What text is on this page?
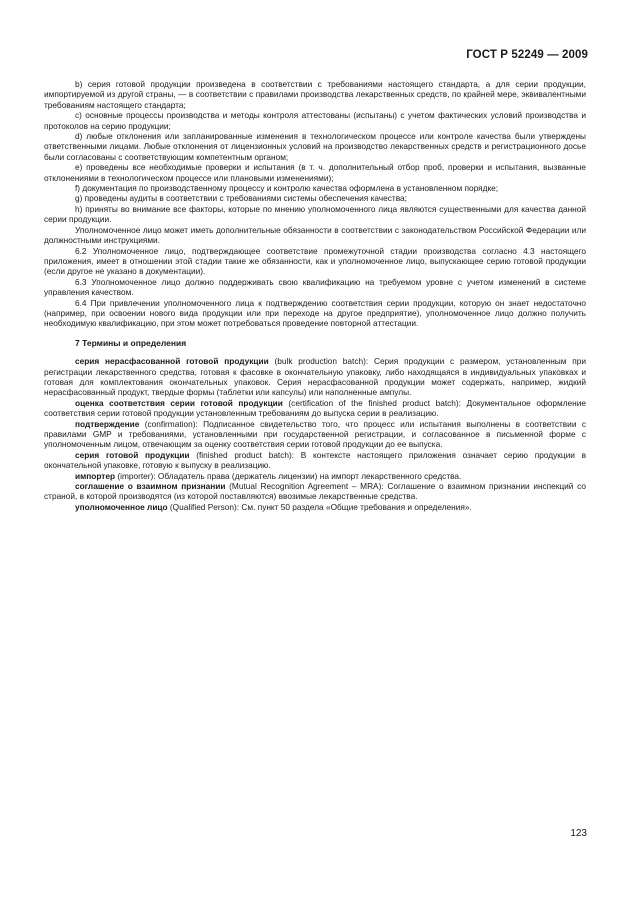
ГОСТ Р 52249 — 2009

b) серия готовой продукции произведена в соответствии с требованиями настоящего стандарта, а для серии продукции, импортируемой из другой страны, — в соответствии с правилами производства лекарственных средств, по крайней мере, эквивалентными требованиям настоящего стандарта;

c) основные процессы производства и методы контроля аттестованы (испытаны) с учетом фактических условий производства и протоколов на серию продукции;

d) любые отклонения или запланированные изменения в технологическом процессе или контроле качества были утверждены ответственными лицами. Любые отклонения от лицензионных условий на производство лекарственных средств и регистрационного досье были согласованы с соответствующим компетентным органом;

e) проведены все необходимые проверки и испытания (в т. ч. дополнительный отбор проб, проверки и испытания, вызванные отклонениями в технологическом процессе или плановыми изменениями);

f) документация по производственному процессу и контролю качества оформлена в установленном порядке;

g) проведены аудиты в соответствии с требованиями системы обеспечения качества;

h) приняты во внимание все факторы, которые по мнению уполномоченного лица являются существенными для качества данной серии продукции.

Уполномоченное лицо может иметь дополнительные обязанности в соответствии с законодательством Российской Федерации или должностными инструкциями.

6.2 Уполномоченное лицо, подтверждающее соответствие промежуточной стадии производства согласно 4.3 настоящего приложения, имеет в отношении этой стадии такие же обязанности, как и уполномоченное лицо, выпускающее серию готовой продукции (если другое не указано в документации).

6.3 Уполномоченное лицо должно поддерживать свою квалификацию на требуемом уровне с учетом изменений в системе управления качеством.

6.4 При привлечении уполномоченного лица к подтверждению соответствия серии продукции, которую он знает недостаточно (например, при освоении нового вида продукции или при переходе на другое предприятие), уполномоченное лицо должно получить необходимую квалификацию, при этом может потребоваться проведение повторной аттестации.

7 Термины и определения

серия нерасфасованной готовой продукции (bulk production batch): Серия продукции с размером, установленным при регистрации лекарственного средства, готовая к фасовке в окончательную упаковку, либо находящаяся в индивидуальных упаковках и готовая для комплектования окончательных упаковок. Серия нерасфасованной продукции может содержать, например, жидкий нерасфасованный продукт, твердые формы (таблетки или капсулы) или наполненные ампулы.

оценка соответствия серии готовой продукции (certification of the finished product batch): Документальное оформление соответствия серии готовой продукции установленным требованиям до выпуска серии в реализацию.

подтверждение (confirmation): Подписанное свидетельство того, что процесс или испытания выполнены в соответствии с правилами GMP и требованиями, установленными при государственной регистрации, и согласованное в письменной форме с уполномоченным лицом, отвечающим за оценку соответствия серии готовой продукции до ее выпуска.

серия готовой продукции (finished product batch): В контексте настоящего приложения означает серию продукции в окончательной упаковке, готовую к выпуску в реализацию.

импортер (importer): Обладатель права (держатель лицензии) на импорт лекарственного средства.

соглашение о взаимном признании (Mutual Recognition Agreement – MRA): Соглашение о взаимном признании инспекций со страной, в которой производятся (из которой поставляются) ввозимые лекарственные средства.

уполномоченное лицо (Qualified Person): См. пункт 50 раздела «Общие требования и определения».

123
